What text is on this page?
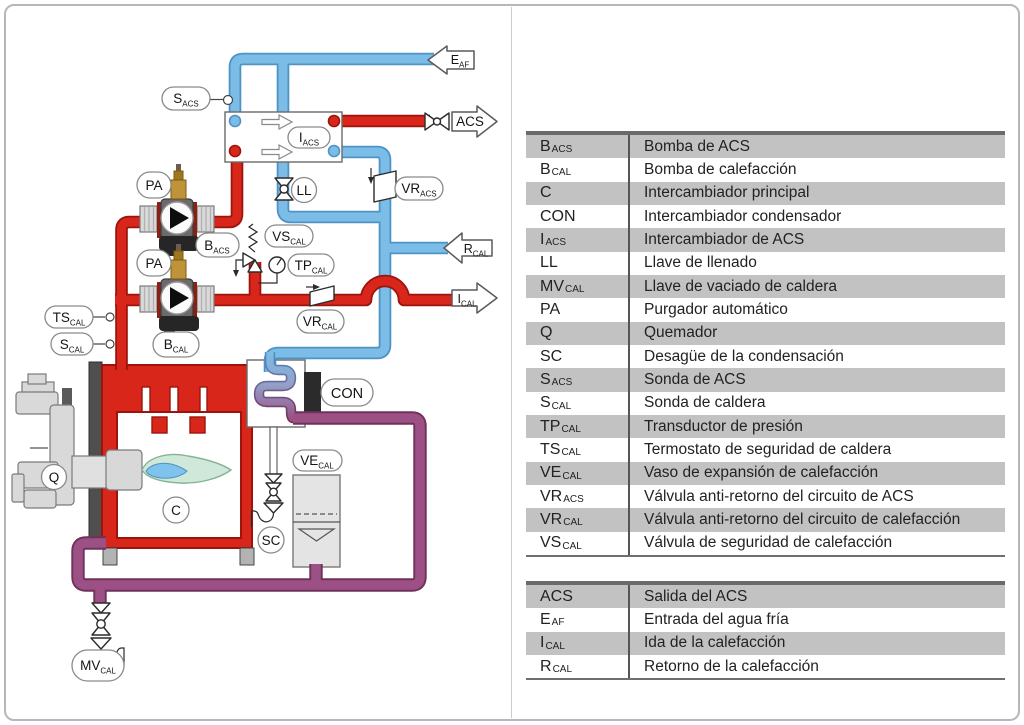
$E_{AF}$
ACS
$R_{CAL}$
$I_{CAL}$
$S_{ACS}$
$I_{ACS}$
LL	$VR_{ACS}$
PA
$B_{ACS}$
PA
$VS_{CAL}$
$TP_{CAL}$
$VR_{CAL}$
$TS_{CAL}$
$S_{CAL}$	$B_{CAL}$
CON
$VE_{CAL}$
SC
Q
C
$MV_{CAL}$
B ACS	Bomba de ACS
B CAL	Bomba de calefacción
C	Intercambiador principal
CON	Intercambiador condensador
I ACS	Intercambiador de ACS
LL	Llave de llenado
MV CAL	Llave de vaciado de caldera
PA	Purgador automático
Q	Quemador
SC	Desagüe de la condensación
S ACS	Sonda de ACS
S CAL	Sonda de caldera
TP CAL	Transductor de presión
TS CAL	Termostato de seguridad de caldera
VE CAL	Vaso de expansión de calefacción
VR ACS	Válvula anti-retorno del circuito de ACS
VR CAL	Válvula anti-retorno del circuito de calefacción
VS CAL	Válvula de seguridad de calefacción
ACS	Salida del ACS
E AF	Entrada del agua fría
I CAL	Ida de la calefacción
R CAL	Retorno de la calefacción
